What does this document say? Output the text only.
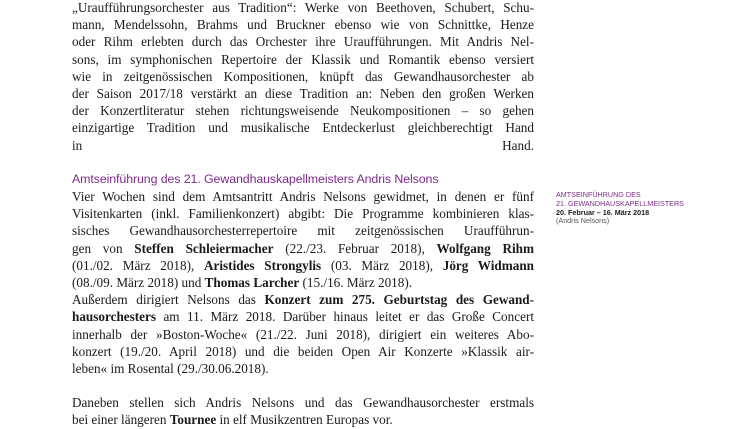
„Uraufführungsorchester aus Tradition“: Werke von Beethoven, Schubert, Schu-
mann, Mendelssohn, Brahms und Bruckner ebenso wie von Schnittke, Henze
oder Rihm erlebten durch das Orchester ihre Uraufführungen. Mit Andris Nel-
sons, im symphonischen Repertoire der Klassik und Romantik ebenso versiert
wie in zeitgenössischen Kompositionen, knüpft das Gewandhausorchester ab
der Saison 2017/18 verstärkt an diese Tradition an: Neben den großen Werken
der Konzertliteratur stehen richtungsweisende Neukompositionen – so gehen
einzigartige Tradition und musikalische Entdeckerlust gleichberechtigt Hand
in Hand.

Amtseinführung des 21. Gewandhauskapellmeisters Andris Nelsons

Vier Wochen sind dem Amtsantritt Andris Nelsons gewidmet, in denen er fünf
Visitenkarten (inkl. Familienkonzert) abgibt: Die Programme kombinieren klas-
sisches Gewandhausorchesterrepertoire mit zeitgenössischen Uraufführun-
gen von Steffen Schleiermacher (22./23. Februar 2018), Wolfgang Rihm
(01./02. März 2018), Aristides Strongylis (03. März 2018), Jörg Widmann
(08./09. März 2018) und Thomas Larcher (15./16. März 2018).

Außerdem dirigiert Nelsons das Konzert zum 275. Geburtstag des Gewand-
hausorchesters am 11. März 2018. Darüber hinaus leitet er das Große Concert
innerhalb der »Boston-Woche« (21./22. Juni 2018), dirigiert ein weiteres Abo-
konzert (19./20. April 2018) und die beiden Open Air Konzerte »Klassik air-
leben« im Rosental (29./30.06.2018).

Daneben stellen sich Andris Nelsons und das Gewandhausorchester erstmals
bei einer längeren Tournee in elf Musikzentren Europas vor.

AMTSEINFÜHRUNG DES
21. GEWANDHAUSKAPELLMEISTERS
20. Februar – 16. März 2018
(Andris Nelsons)
